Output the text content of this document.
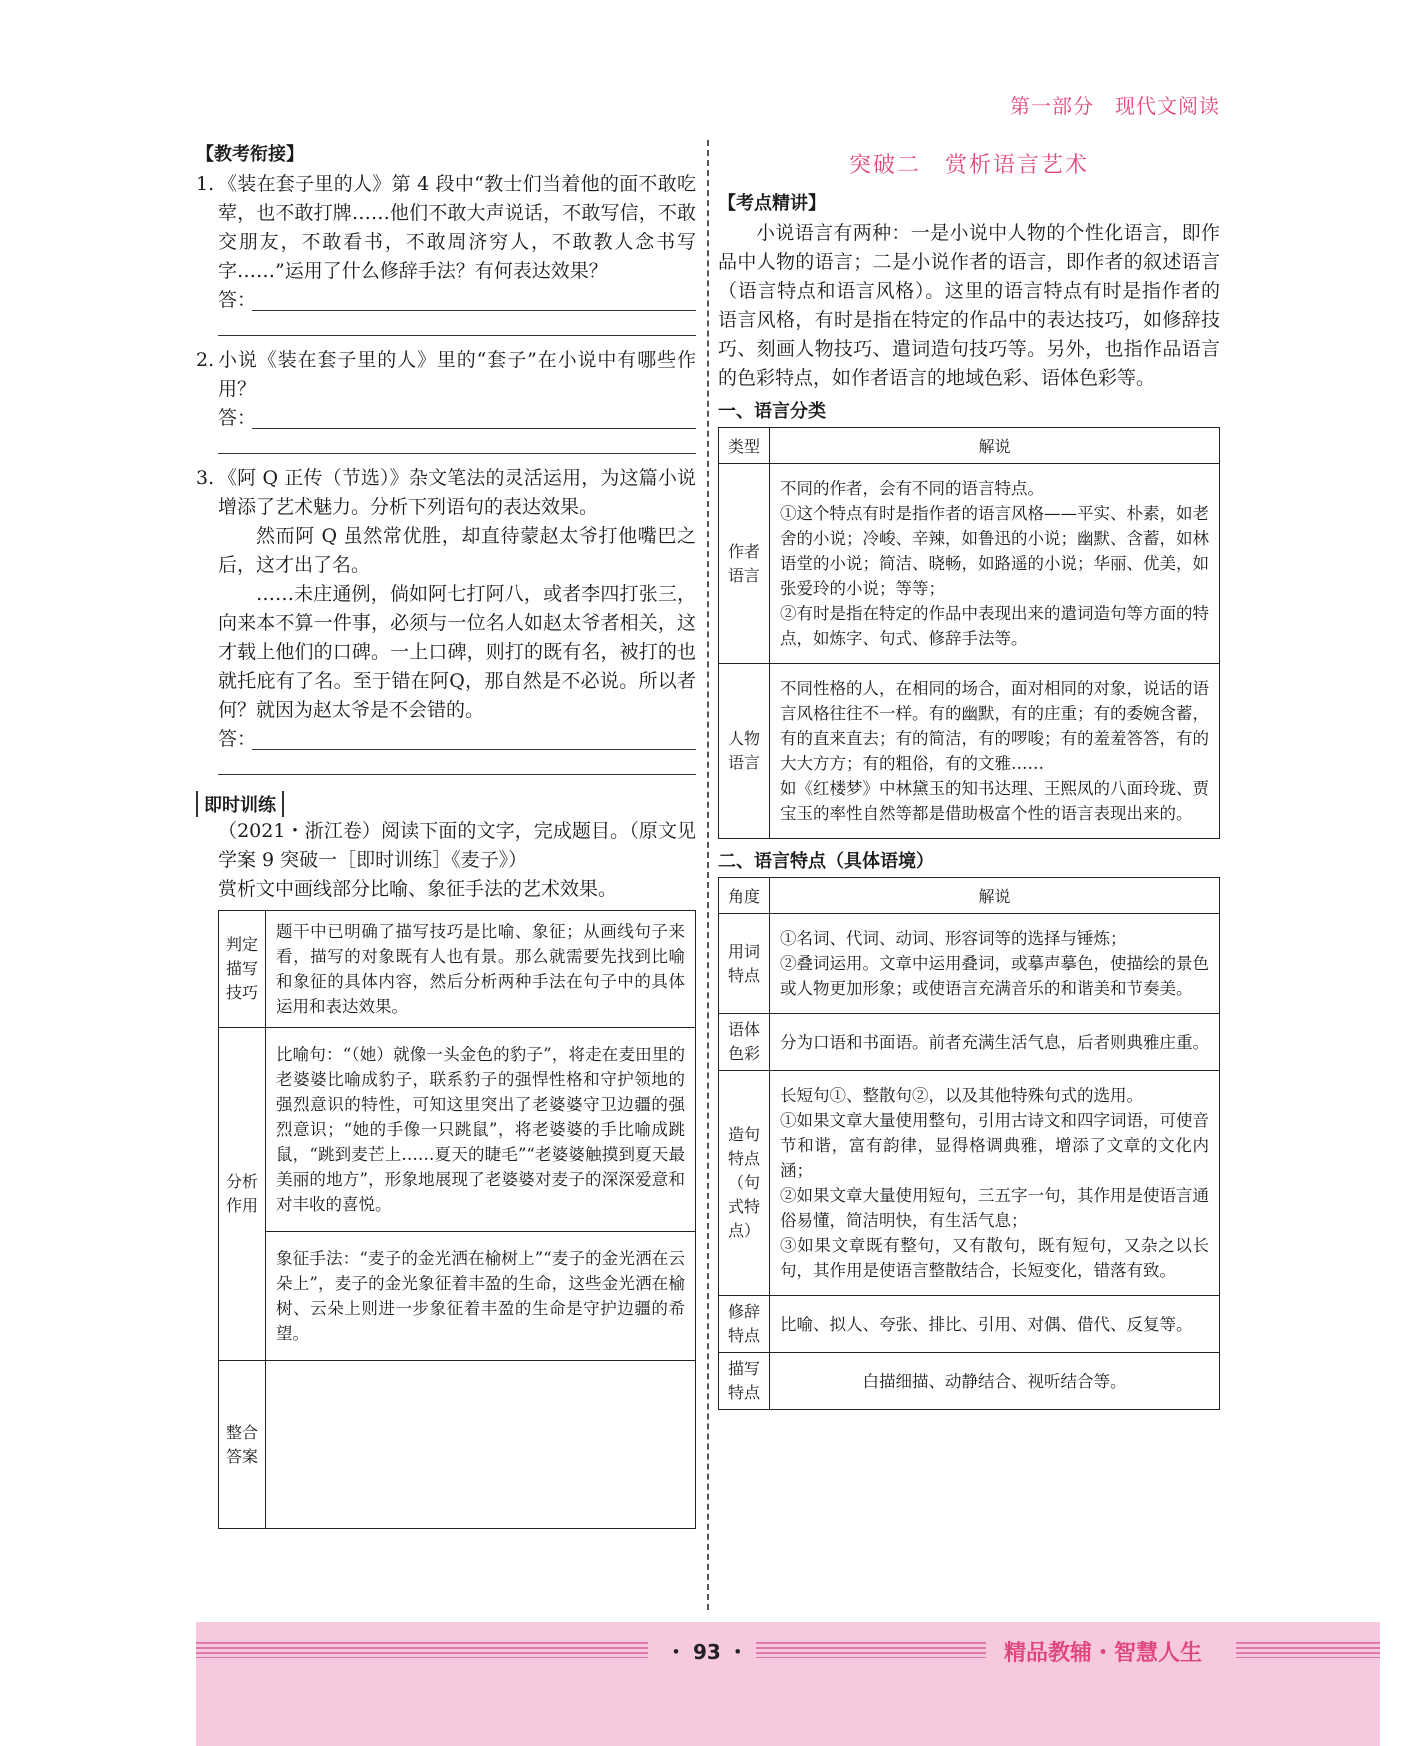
第一部分　现代文阅读
【教考衔接】
1. 《装在套子里的人》第 4 段中“教士们当着他的面不敢吃荤，也不敢打牌……他们不敢大声说话，不敢写信，不敢交朋友，不敢看书，不敢周济穷人，不敢教人念书写字……”运用了什么修辞手法？有何表达效果？
答：
2. 小说《装在套子里的人》里的“套子”在小说中有哪些作用？
答：
3. 《阿 Q 正传（节选）》杂文笔法的灵活运用，为这篇小说增添了艺术魅力。分析下列语句的表达效果。
然而阿 Q 虽然常优胜，却直待蒙赵太爷打他嘴巴之后，这才出了名。
……未庄通例，倘如阿七打阿八，或者李四打张三，向来本不算一件事，必须与一位名人如赵太爷者相关，这才载上他们的口碑。一上口碑，则打的既有名，被打的也就托庇有了名。至于错在阿Q，那自然是不必说。所以者何？就因为赵太爷是不会错的。
答：
即时训练

（2021・浙江卷）阅读下面的文字，完成题目。（原文见学案 9 突破一［即时训练］《麦子》）

赏析文中画线部分比喻、象征手法的艺术效果。

判定描写技巧	题干中已明确了描写技巧是比喻、象征；从画线句子来看，描写的对象既有人也有景。那么就需要先找到比喻和象征的具体内容，然后分析两种手法在句子中的具体运用和表达效果。
分析作用	比喻句：“（她）就像一头金色的豹子”，将走在麦田里的老婆婆比喻成豹子，联系豹子的强悍性格和守护领地的强烈意识的特性，可知这里突出了老婆婆守卫边疆的强烈意识；“她的手像一只跳鼠”，将老婆婆的手比喻成跳鼠，“跳到麦芒上……夏天的睫毛”“老婆婆触摸到夏天最美丽的地方”，形象地展现了老婆婆对麦子的深深爱意和对丰收的喜悦。
	象征手法：“麦子的金光洒在榆树上”“麦子的金光洒在云朵上”，麦子的金光象征着丰盈的生命，这些金光洒在榆树、云朵上则进一步象征着丰盈的生命是守护边疆的希望。
整合答案	
突破二　赏析语言艺术
【考点精讲】

小说语言有两种：一是小说中人物的个性化语言，即作品中人物的语言；二是小说作者的语言，即作者的叙述语言（语言特点和语言风格）。这里的语言特点有时是指作者的语言风格，有时是指在特定的作品中的表达技巧，如修辞技巧、刻画人物技巧、遣词造句技巧等。另外，也指作品语言的色彩特点，如作者语言的地域色彩、语体色彩等。

一、语言分类
类型	解说
作者语言	不同的作者，会有不同的语言特点。
①这个特点有时是指作者的语言风格——平实、朴素，如老舍的小说；冷峻、辛辣，如鲁迅的小说；幽默、含蓄，如林语堂的小说；简洁、晓畅，如路遥的小说；华丽、优美，如张爱玲的小说；等等；
②有时是指在特定的作品中表现出来的遣词造句等方面的特点，如炼字、句式、修辞手法等。

人物语言	不同性格的人，在相同的场合，面对相同的对象，说话的语言风格往往不一样。有的幽默，有的庄重；有的委婉含蓄，有的直来直去；有的简洁，有的啰唆；有的羞羞答答，有的大大方方；有的粗俗，有的文雅……
如《红楼梦》中林黛玉的知书达理、王熙凤的八面玲珑、贾宝玉的率性自然等都是借助极富个性的语言表现出来的。
二、语言特点（具体语境）
角度	解说
用词特点	①名词、代词、动词、形容词等的选择与锤炼；
②叠词运用。文章中运用叠词，或摹声摹色，使描绘的景色或人物更加形象；或使语言充满音乐的和谐美和节奏美。

语体色彩	分为口语和书面语。前者充满生活气息，后者则典雅庄重。

造句特点（句式特点）	长短句①、整散句②，以及其他特殊句式的选用。
①如果文章大量使用整句，引用古诗文和四字词语，可使音节和谐，富有韵律，显得格调典雅，增添了文章的文化内涵；
②如果文章大量使用短句，三五字一句，其作用是使语言通俗易懂，简洁明快，有生活气息；
③如果文章既有整句，又有散句，既有短句，又杂之以长句，其作用是使语言整散结合，长短变化，错落有致。

修辞特点	比喻、拟人、夸张、排比、引用、对偶、借代、反复等。

描写特点	白描细描、动静结合、视听结合等。
・ 93 ・	精品教辅・智慧人生
